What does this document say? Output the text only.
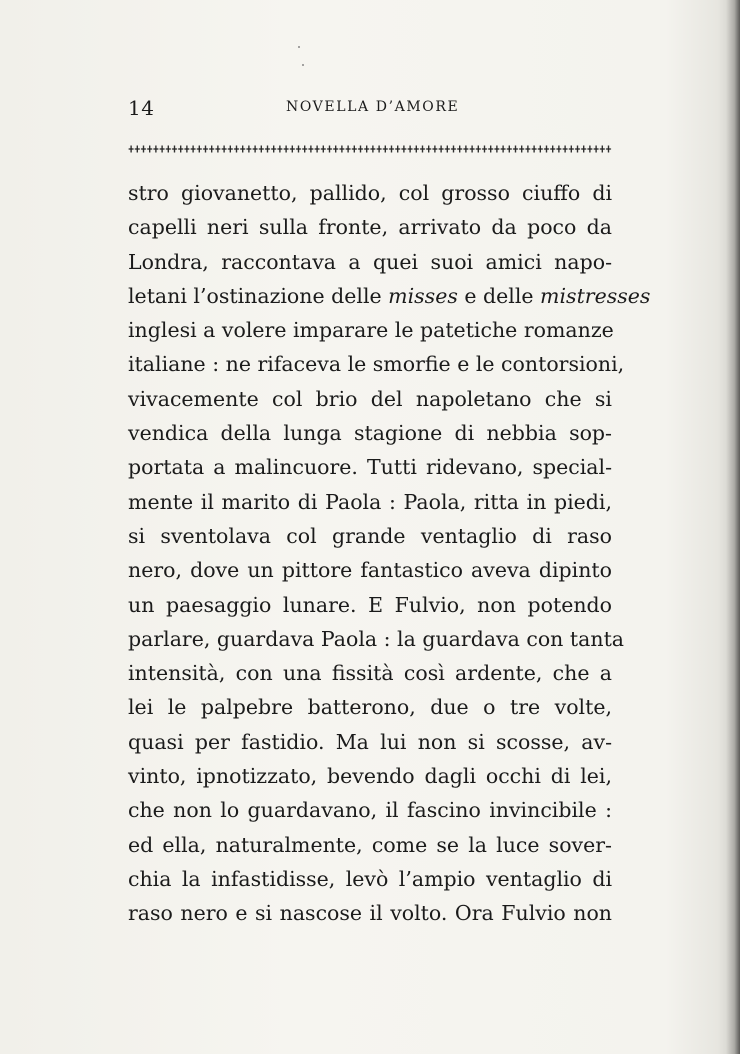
14	NOVELLA D’AMORE
stro giovanetto, pallido, col grosso ciuffo di
capelli neri sulla fronte, arrivato da poco da
Londra, raccontava a quei suoi amici napo-
letani l’ostinazione delle misses e delle mistresses
inglesi a volere imparare le patetiche romanze
italiane : ne rifaceva le smorfie e le contorsioni,
vivacemente col brio del napoletano che si
vendica della lunga stagione di nebbia sop-
portata a malincuore. Tutti ridevano, special-
mente il marito di Paola : Paola, ritta in piedi,
si sventolava col grande ventaglio di raso
nero, dove un pittore fantastico aveva dipinto
un paesaggio lunare. E Fulvio, non potendo
parlare, guardava Paola : la guardava con tanta
intensità, con una fissità così ardente, che a
lei le palpebre batterono, due o tre volte,
quasi per fastidio. Ma lui non si scosse, av-
vinto, ipnotizzato, bevendo dagli occhi di lei,
che non lo guardavano, il fascino invincibile :
ed ella, naturalmente, come se la luce sover-
chia la infastidisse, levò l’ampio ventaglio di
raso nero e si nascose il volto. Ora Fulvio non
